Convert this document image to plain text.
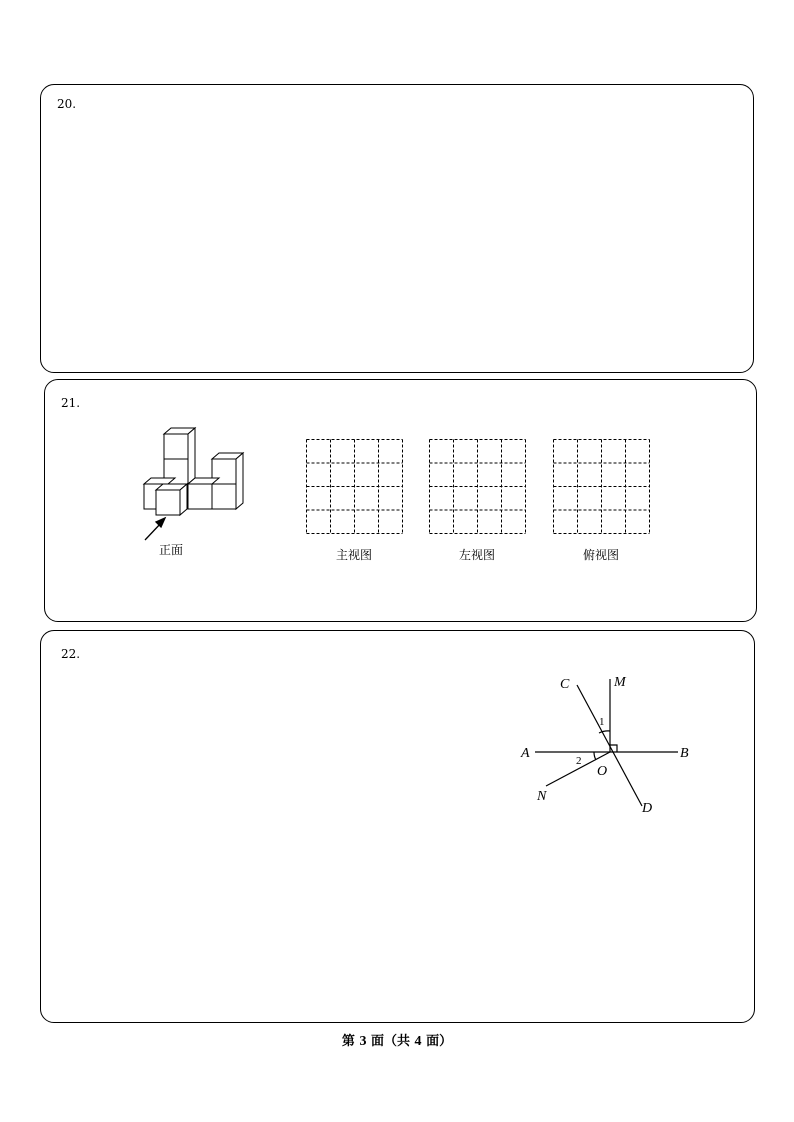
20.
21.
正面	主视图	左视图	俯视图
22.
C	M
A	B
O
N
D
1
2
第 3 面（共 4 面）
